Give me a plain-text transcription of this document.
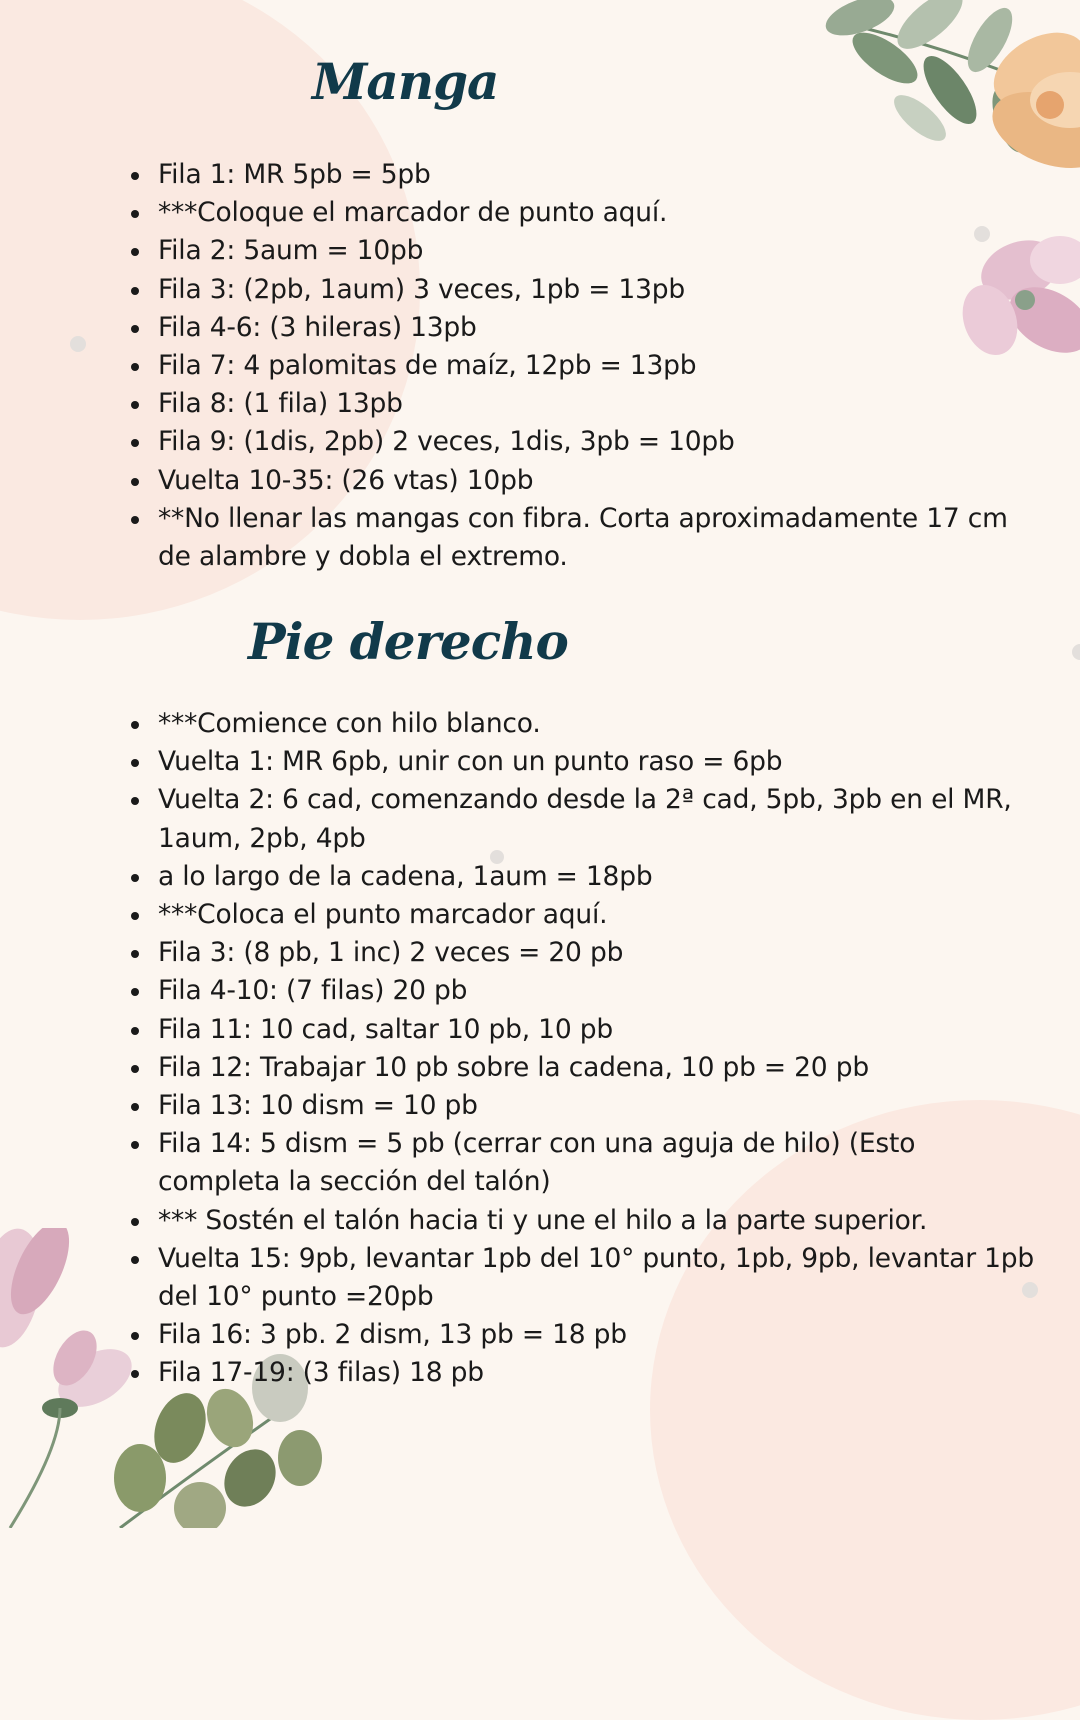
Manga
Fila 1: MR 5pb = 5pb
***Coloque el marcador de punto aquí.
Fila 2: 5aum = 10pb
Fila 3: (2pb, 1aum) 3 veces, 1pb = 13pb
Fila 4-6: (3 hileras) 13pb
Fila 7: 4 palomitas de maíz, 12pb = 13pb
Fila 8: (1 fila) 13pb
Fila 9: (1dis, 2pb) 2 veces, 1dis, 3pb = 10pb
Vuelta 10-35: (26 vtas) 10pb
**No llenar las mangas con fibra. Corta aproximadamente 17 cm de alambre y dobla el extremo.
Pie derecho
***Comience con hilo blanco.
Vuelta 1: MR 6pb, unir con un punto raso = 6pb
Vuelta 2: 6 cad, comenzando desde la 2ª cad, 5pb, 3pb en el MR, 1aum, 2pb, 4pb
a lo largo de la cadena, 1aum = 18pb
***Coloca el punto marcador aquí.
Fila 3: (8 pb, 1 inc) 2 veces = 20 pb
Fila 4-10: (7 filas) 20 pb
Fila 11: 10 cad, saltar 10 pb, 10 pb
Fila 12: Trabajar 10 pb sobre la cadena, 10 pb = 20 pb
Fila 13: 10 dism = 10 pb
Fila 14: 5 dism = 5 pb (cerrar con una aguja de hilo) (Esto completa la sección del talón)
*** Sostén el talón hacia ti y une el hilo a la parte superior.
Vuelta 15: 9pb, levantar 1pb del 10° punto, 1pb, 9pb, levantar 1pb del 10° punto =20pb
Fila 16: 3 pb. 2 dism, 13 pb = 18 pb
Fila 17-19: (3 filas) 18 pb
